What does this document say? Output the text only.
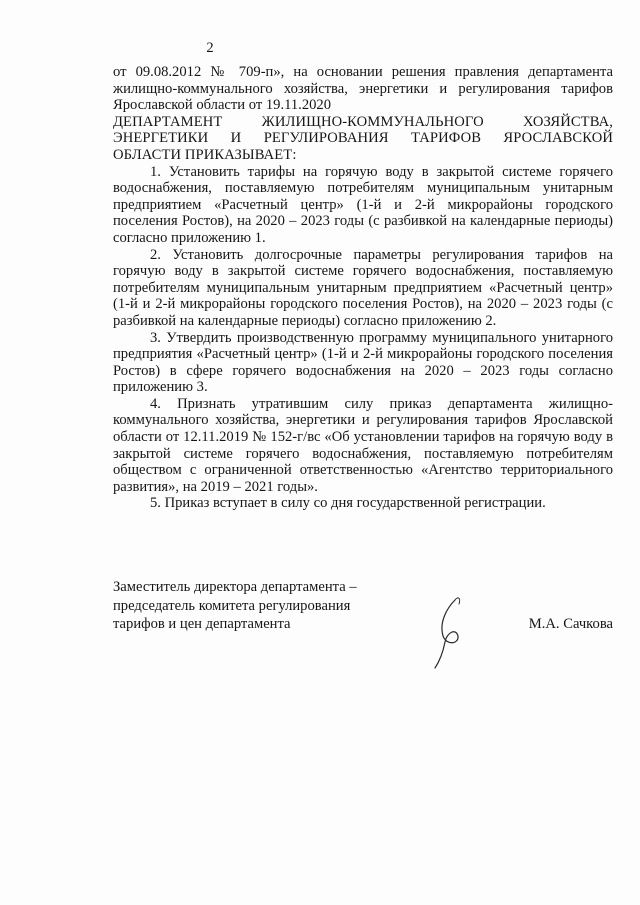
2

от 09.08.2012 № 709-п», на основании решения правления департамента жилищно-коммунального хозяйства, энергетики и регулирования тарифов Ярославской области от 19.11.2020

ДЕПАРТАМЕНТ ЖИЛИЩНО-КОММУНАЛЬНОГО ХОЗЯЙСТВА,
ЭНЕРГЕТИКИ И РЕГУЛИРОВАНИЯ ТАРИФОВ ЯРОСЛАВСКОЙ
ОБЛАСТИ ПРИКАЗЫВАЕТ:

1. Установить тарифы на горячую воду в закрытой системе горячего водоснабжения, поставляемую потребителям муниципальным унитарным предприятием «Расчетный центр» (1-й и 2-й микрорайоны городского поселения Ростов), на 2020 – 2023 годы (с разбивкой на календарные периоды) согласно приложению 1.

2. Установить долгосрочные параметры регулирования тарифов на горячую воду в закрытой системе горячего водоснабжения, поставляемую потребителям муниципальным унитарным предприятием «Расчетный центр» (1-й и 2-й микрорайоны городского поселения Ростов), на 2020 – 2023 годы (с разбивкой на календарные периоды) согласно приложению 2.

3. Утвердить производственную программу муниципального унитарного предприятия «Расчетный центр» (1-й и 2-й микрорайоны городского поселения Ростов) в сфере горячего водоснабжения на 2020 – 2023 годы согласно приложению 3.

4. Признать утратившим силу приказ департамента жилищно-коммунального хозяйства, энергетики и регулирования тарифов Ярославской области от 12.11.2019 № 152-г/вс «Об установлении тарифов на горячую воду в закрытой системе горячего водоснабжения, поставляемую потребителям обществом с ограниченной ответственностью «Агентство территориального развития», на 2019 – 2021 годы».

5. Приказ вступает в силу со дня государственной регистрации.

Заместитель директора департамента –
председатель комитета регулирования
тарифов и цен департамента	М.А. Сачкова
